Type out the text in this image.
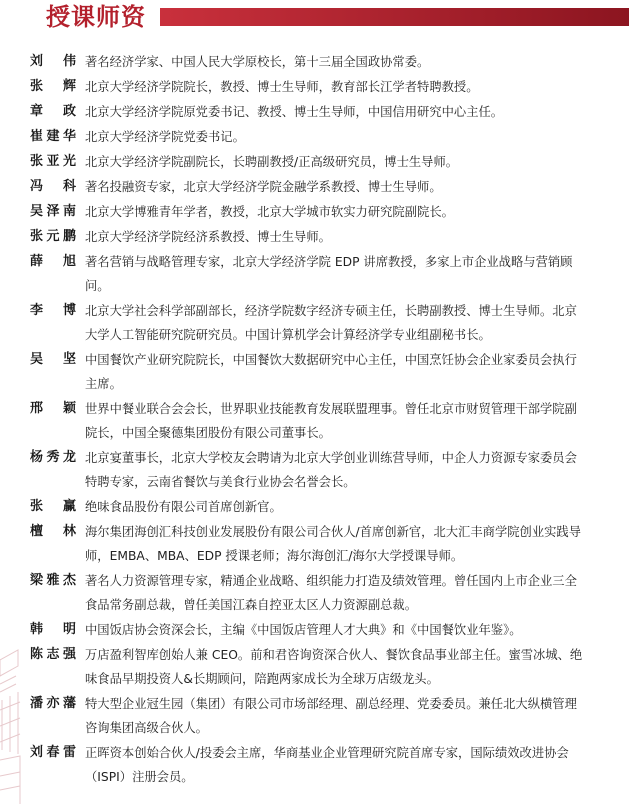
授课师资
刘　伟 著名经济学家、中国人民大学原校长，第十三届全国政协常委。
张　辉 北京大学经济学院院长，教授、博士生导师，教育部长江学者特聘教授。
章　政 北京大学经济学院原党委书记、教授、博士生导师，中国信用研究中心主任。
崔建华 北京大学经济学院党委书记。
张亚光 北京大学经济学院副院长，长聘副教授/正高级研究员，博士生导师。
冯　科 著名投融资专家，北京大学经济学院金融学系教授、博士生导师。
吴泽南 北京大学博雅青年学者，教授，北京大学城市软实力研究院副院长。
张元鹏 北京大学经济学院经济系教授、博士生导师。
薛　旭 著名营销与战略管理专家，北京大学经济学院 EDP 讲席教授，多家上市企业战略与营销顾问。
李　博 北京大学社会科学部副部长，经济学院数字经济专硕主任，长聘副教授、博士生导师。北京大学人工智能研究院研究员。中国计算机学会计算经济学专业组副秘书长。
吴　坚 中国餐饮产业研究院院长，中国餐饮大数据研究中心主任，中国烹饪协会企业家委员会执行主席。
邢　颖 世界中餐业联合会会长，世界职业技能教育发展联盟理事。曾任北京市财贸管理干部学院副院长，中国全聚德集团股份有限公司董事长。
杨秀龙 北京宴董事长，北京大学校友会聘请为北京大学创业训练营导师，中企人力资源专家委员会特聘专家，云南省餐饮与美食行业协会名誉会长。
张　赢 绝味食品股份有限公司首席创新官。
檀　林 海尔集团海创汇科技创业发展股份有限公司合伙人/首席创新官，北大汇丰商学院创业实践导师，EMBA、MBA、EDP 授课老师；海尔海创汇/海尔大学授课导师。
梁雅杰 著名人力资源管理专家，精通企业战略、组织能力打造及绩效管理。曾任国内上市企业三全食品常务副总裁，曾任美国江森自控亚太区人力资源副总裁。
韩　明 中国饭店协会资深会长，主编《中国饭店管理人才大典》和《中国餐饮业年鉴》。
陈志强 万店盈利智库创始人兼 CEO。前和君咨询资深合伙人、餐饮食品事业部主任。蜜雪冰城、绝味食品早期投资人&长期顾问，陪跑两家成长为全球万店级龙头。
潘亦藩 特大型企业冠生园（集团）有限公司市场部经理、副总经理、党委委员。兼任北大纵横管理咨询集团高级合伙人。
刘春雷 正晖资本创始合伙人/投委会主席，华商基业企业管理研究院首席专家，国际绩效改进协会（ISPI）注册会员。
